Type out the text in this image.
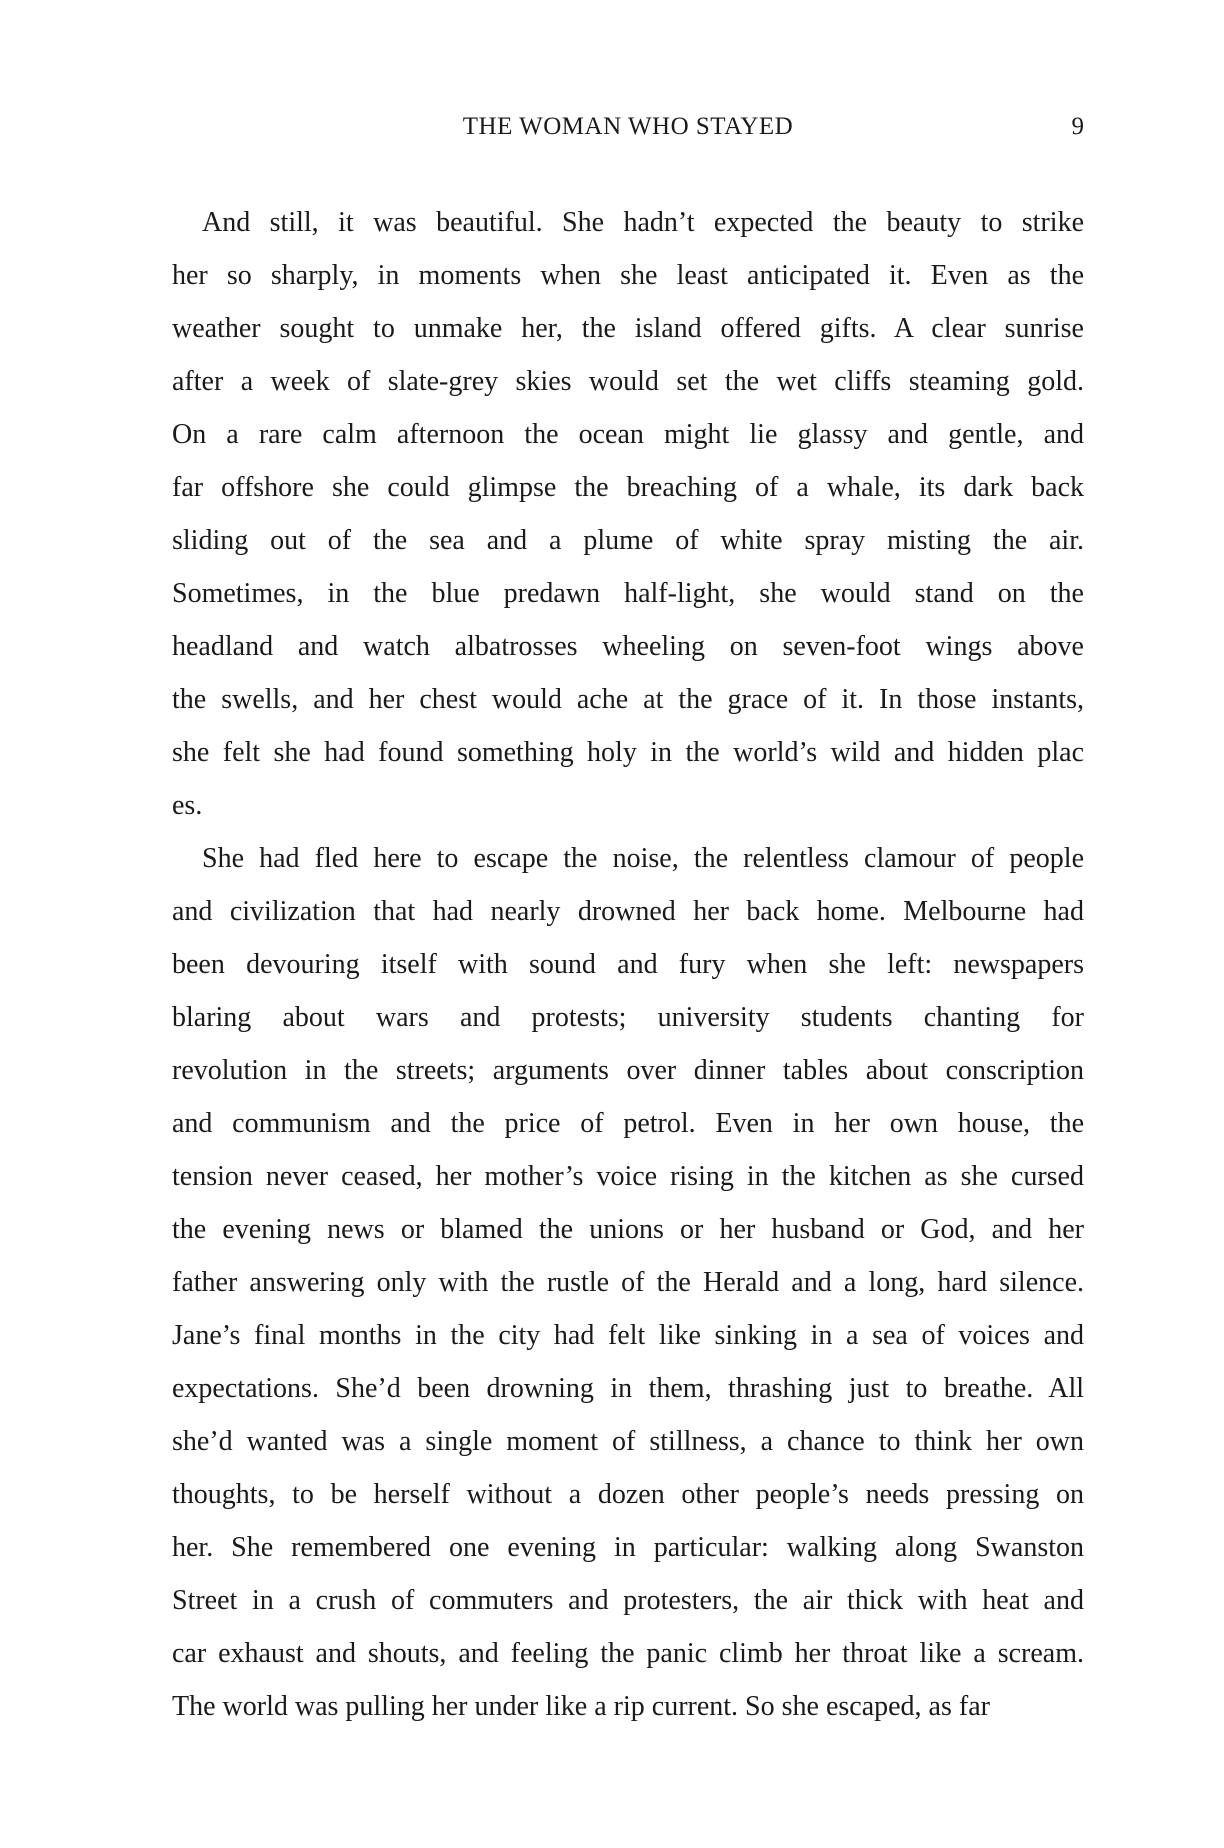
THE WOMAN WHO STAYED	9
And still, it was beautiful. She hadn’t expected the beauty to strike
her so sharply, in moments when she least anticipated it. Even as the
weather sought to unmake her, the island offered gifts. A clear sunrise
after a week of slate-grey skies would set the wet cliffs steaming gold.
On a rare calm afternoon the ocean might lie glassy and gentle, and
far offshore she could glimpse the breaching of a whale, its dark back
sliding out of the sea and a plume of white spray misting the air.
Sometimes, in the blue predawn half-light, she would stand on the
headland and watch albatrosses wheeling on seven-foot wings above
the swells, and her chest would ache at the grace of it. In those instants,
she felt she had found something holy in the world’s wild and hidden plac
es.
She had fled here to escape the noise, the relentless clamour of people
and civilization that had nearly drowned her back home. Melbourne had
been devouring itself with sound and fury when she left: newspapers
blaring about wars and protests; university students chanting for
revolution in the streets; arguments over dinner tables about conscription
and communism and the price of petrol. Even in her own house, the
tension never ceased, her mother’s voice rising in the kitchen as she cursed
the evening news or blamed the unions or her husband or God, and her
father answering only with the rustle of the Herald and a long, hard silence.
Jane’s final months in the city had felt like sinking in a sea of voices and
expectations. She’d been drowning in them, thrashing just to breathe. All
she’d wanted was a single moment of stillness, a chance to think her own
thoughts, to be herself without a dozen other people’s needs pressing on
her. She remembered one evening in particular: walking along Swanston
Street in a crush of commuters and protesters, the air thick with heat and
car exhaust and shouts, and feeling the panic climb her throat like a scream.
The world was pulling her under like a rip current. So she escaped, as far
